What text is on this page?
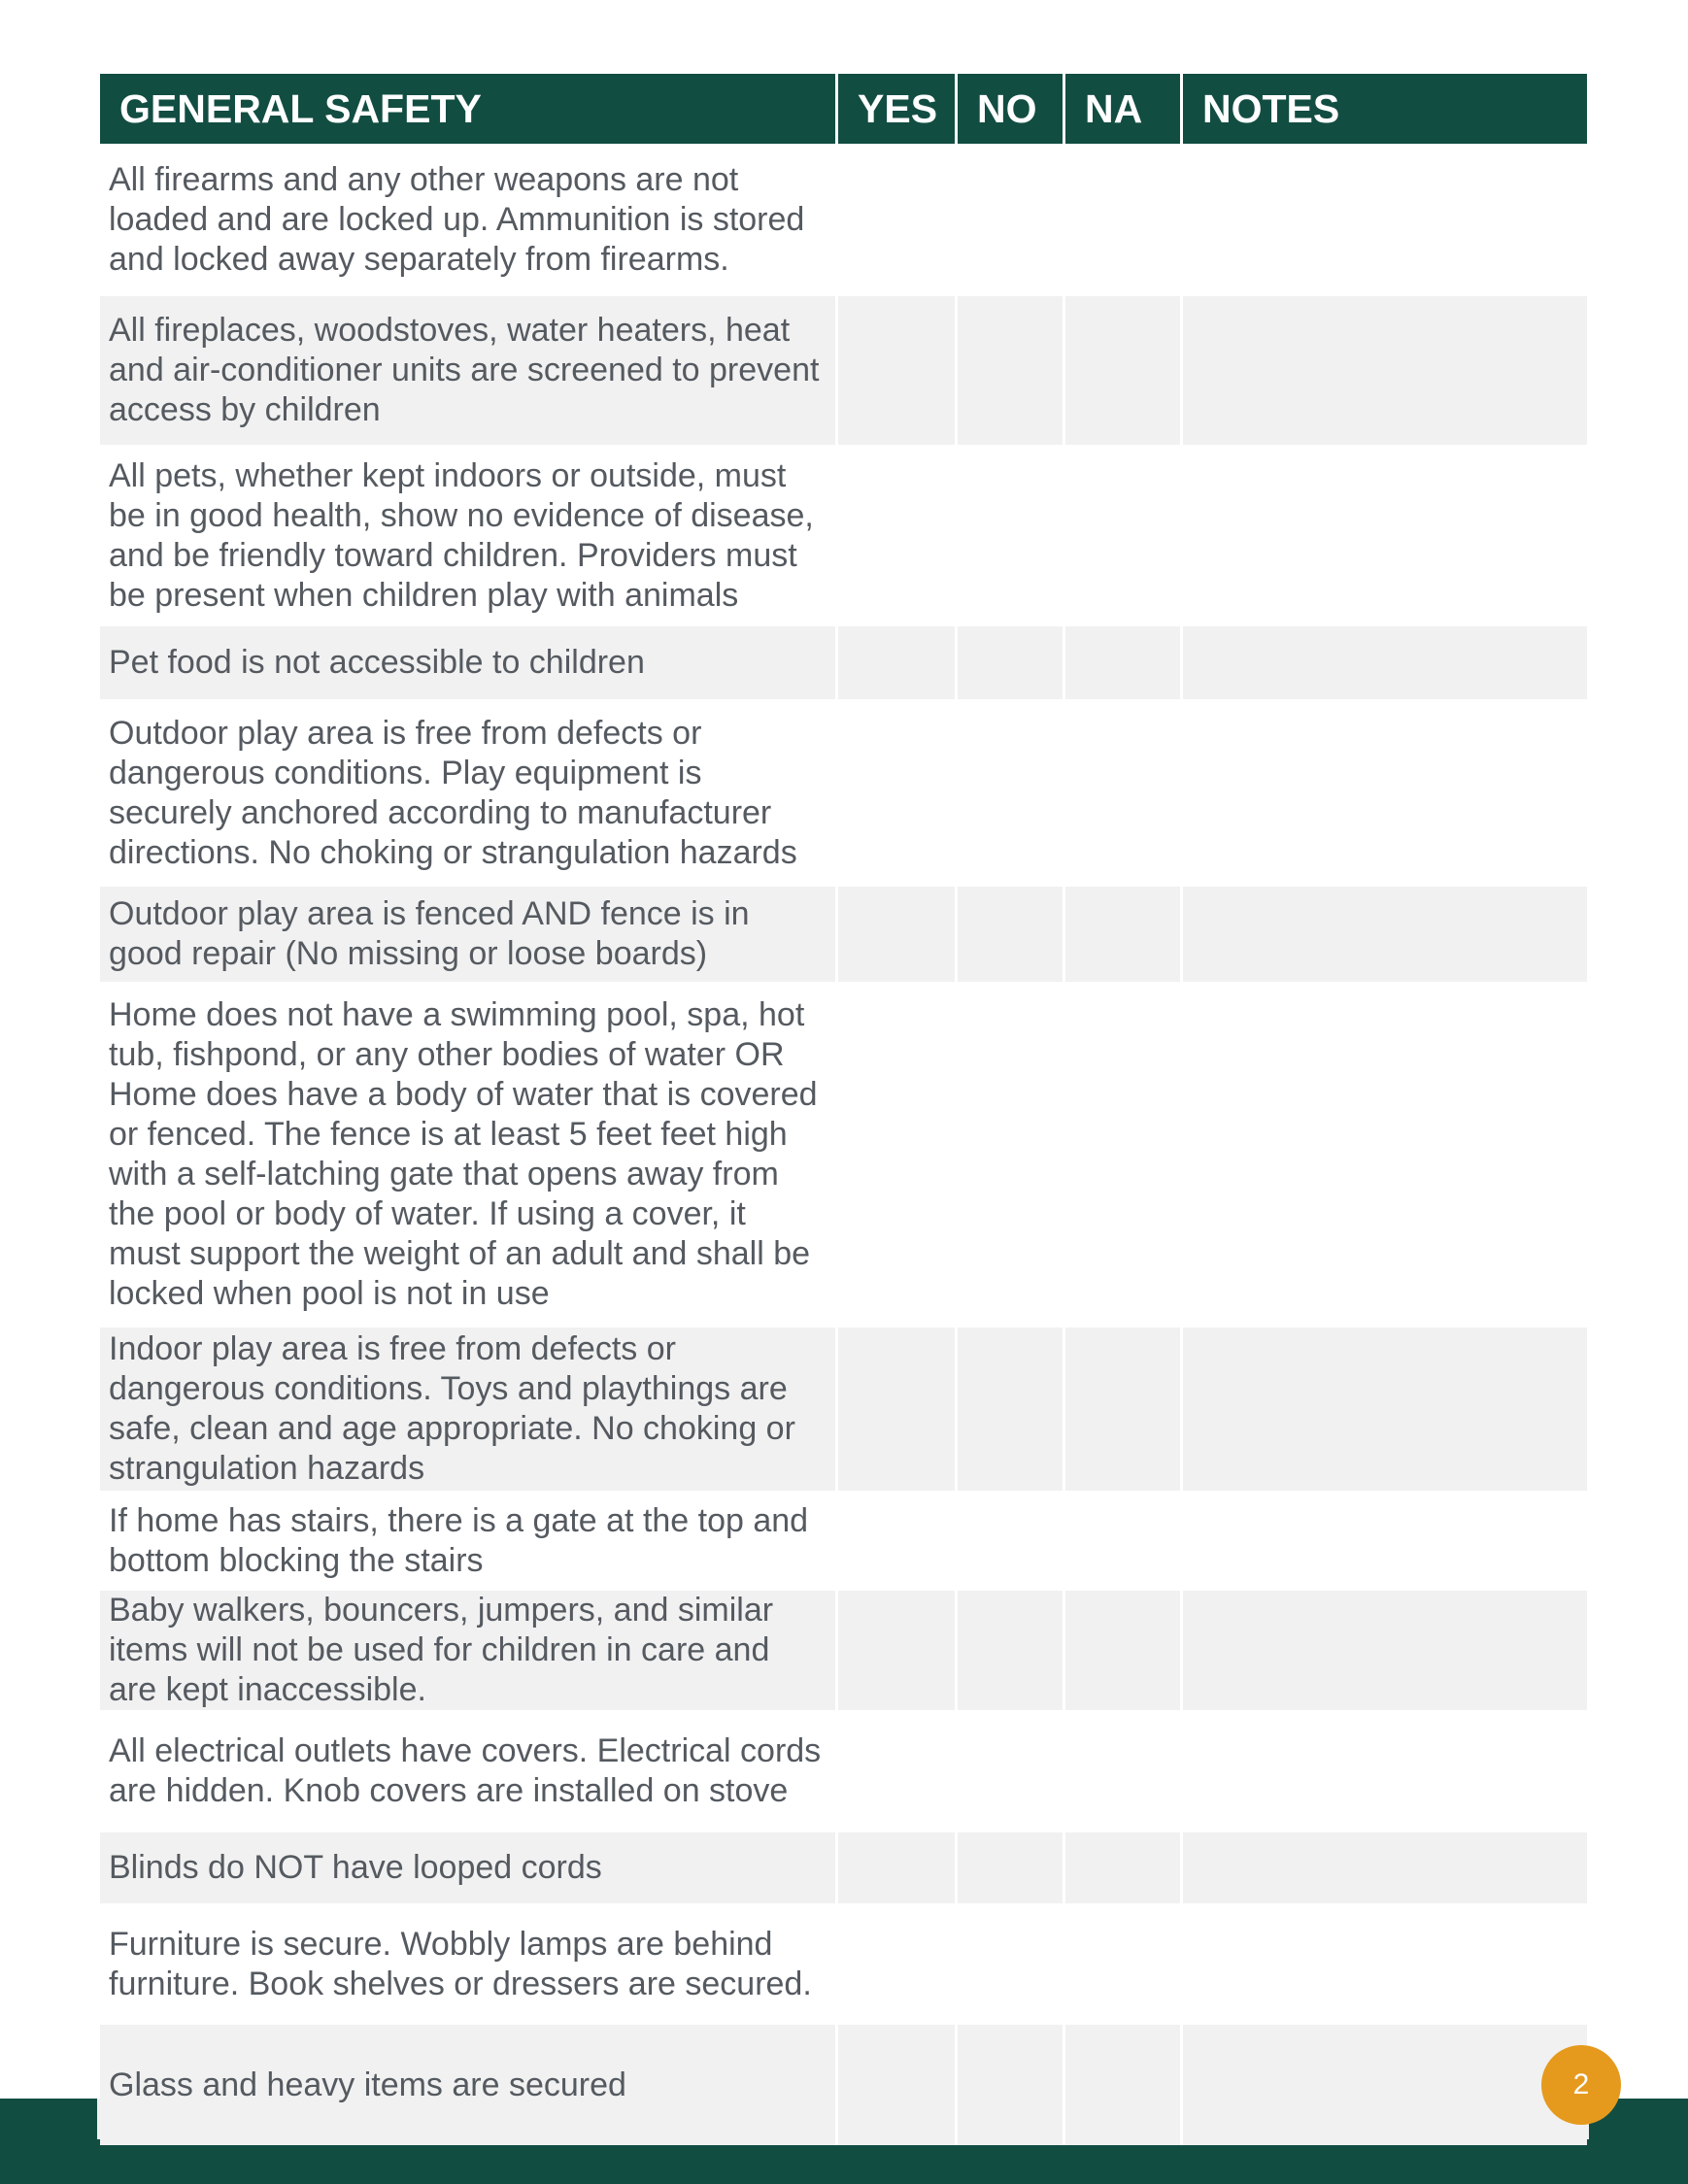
GENERAL SAFETY	YES	NO	NA	NOTES
All firearms and any other weapons are not loaded and are locked up. Ammunition is stored and locked away separately from firearms.				
All fireplaces, woodstoves, water heaters, heat and air-conditioner units are screened to prevent access by children				
All pets, whether kept indoors or outside, must be in good health, show no evidence of disease, and be friendly toward children. Providers must be present when children play with animals				
Pet food is not accessible to children				
Outdoor play area is free from defects or dangerous conditions. Play equipment is securely anchored according to manufacturer directions. No choking or strangulation hazards				
Outdoor play area is fenced AND fence is in good repair (No missing or loose boards)				
Home does not have a swimming pool, spa, hot tub, fishpond, or any other bodies of water OR Home does have a body of water that is covered or fenced. The fence is at least 5 feet feet high with a self-latching gate that opens away from the pool or body of water. If using a cover, it must support the weight of an adult and shall be locked when pool is not in use				
Indoor play area is free from defects or dangerous conditions. Toys and playthings are safe, clean and age appropriate. No choking or strangulation hazards				
If home has stairs, there is a gate at the top and bottom blocking the stairs				
Baby walkers, bouncers, jumpers, and similar items will not be used for children in care and are kept inaccessible.				
All electrical outlets have covers. Electrical cords are hidden. Knob covers are installed on stove				
Blinds do NOT have looped cords				
Furniture is secure. Wobbly lamps are behind furniture. Book shelves or dressers are secured.				
Glass and heavy items are secured					2
